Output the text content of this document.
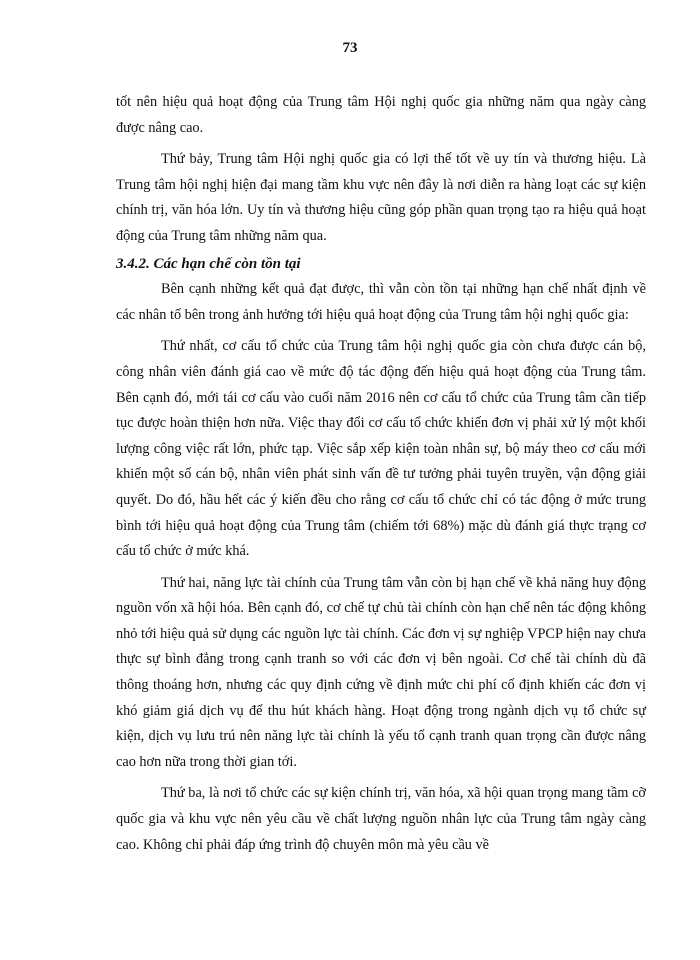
73

tốt nên hiệu quả hoạt động của Trung tâm Hội nghị quốc gia những năm qua ngày càng được nâng cao.

Thứ bảy, Trung tâm Hội nghị quốc gia có lợi thế tốt về uy tín và thương hiệu. Là Trung tâm hội nghị hiện đại mang tầm khu vực nên đây là nơi diễn ra hàng loạt các sự kiện chính trị, văn hóa lớn. Uy tín và thương hiệu cũng góp phần quan trọng tạo ra hiệu quả hoạt động của Trung tâm những năm qua.

3.4.2. Các hạn chế còn tồn tại

Bên cạnh những kết quả đạt được, thì vẫn còn tồn tại những hạn chế nhất định về các nhân tố bên trong ảnh hưởng tới hiệu quả hoạt động của Trung tâm hội nghị quốc gia:

Thứ nhất, cơ cấu tổ chức của Trung tâm hội nghị quốc gia còn chưa được cán bộ, công nhân viên đánh giá cao về mức độ tác động đến hiệu quả hoạt động của Trung tâm. Bên cạnh đó, mới tái cơ cấu vào cuối năm 2016 nên cơ cấu tổ chức của Trung tâm cần tiếp tục được hoàn thiện hơn nữa. Việc thay đổi cơ cấu tổ chức khiến đơn vị phải xử lý một khối lượng công việc rất lớn, phức tạp. Việc sắp xếp kiện toàn nhân sự, bộ máy theo cơ cấu mới khiến một số cán bộ, nhân viên phát sinh vấn đề tư tưởng phải tuyên truyền, vận động giải quyết. Do đó, hầu hết các ý kiến đều cho rằng cơ cấu tổ chức chỉ có tác động ở mức trung bình tới hiệu quả hoạt động của Trung tâm (chiếm tới 68%) mặc dù đánh giá thực trạng cơ cấu tổ chức ở mức khá.

Thứ hai, năng lực tài chính của Trung tâm vẫn còn bị hạn chế về khả năng huy động nguồn vốn xã hội hóa. Bên cạnh đó, cơ chế tự chủ tài chính còn hạn chế nên tác động không nhỏ tới hiệu quả sử dụng các nguồn lực tài chính. Các đơn vị sự nghiệp VPCP hiện nay chưa thực sự bình đẳng trong cạnh tranh so với các đơn vị bên ngoài. Cơ chế tài chính dù đã thông thoáng hơn, nhưng các quy định cứng về định mức chi phí cố định khiến các đơn vị khó giảm giá dịch vụ để thu hút khách hàng. Hoạt động trong ngành dịch vụ tổ chức sự kiện, dịch vụ lưu trú nên năng lực tài chính là yếu tố cạnh tranh quan trọng cần được nâng cao hơn nữa trong thời gian tới.

Thứ ba, là nơi tổ chức các sự kiện chính trị, văn hóa, xã hội quan trọng mang tầm cỡ quốc gia và khu vực nên yêu cầu về chất lượng nguồn nhân lực của Trung tâm ngày càng cao. Không chỉ phải đáp ứng trình độ chuyên môn mà yêu cầu về
